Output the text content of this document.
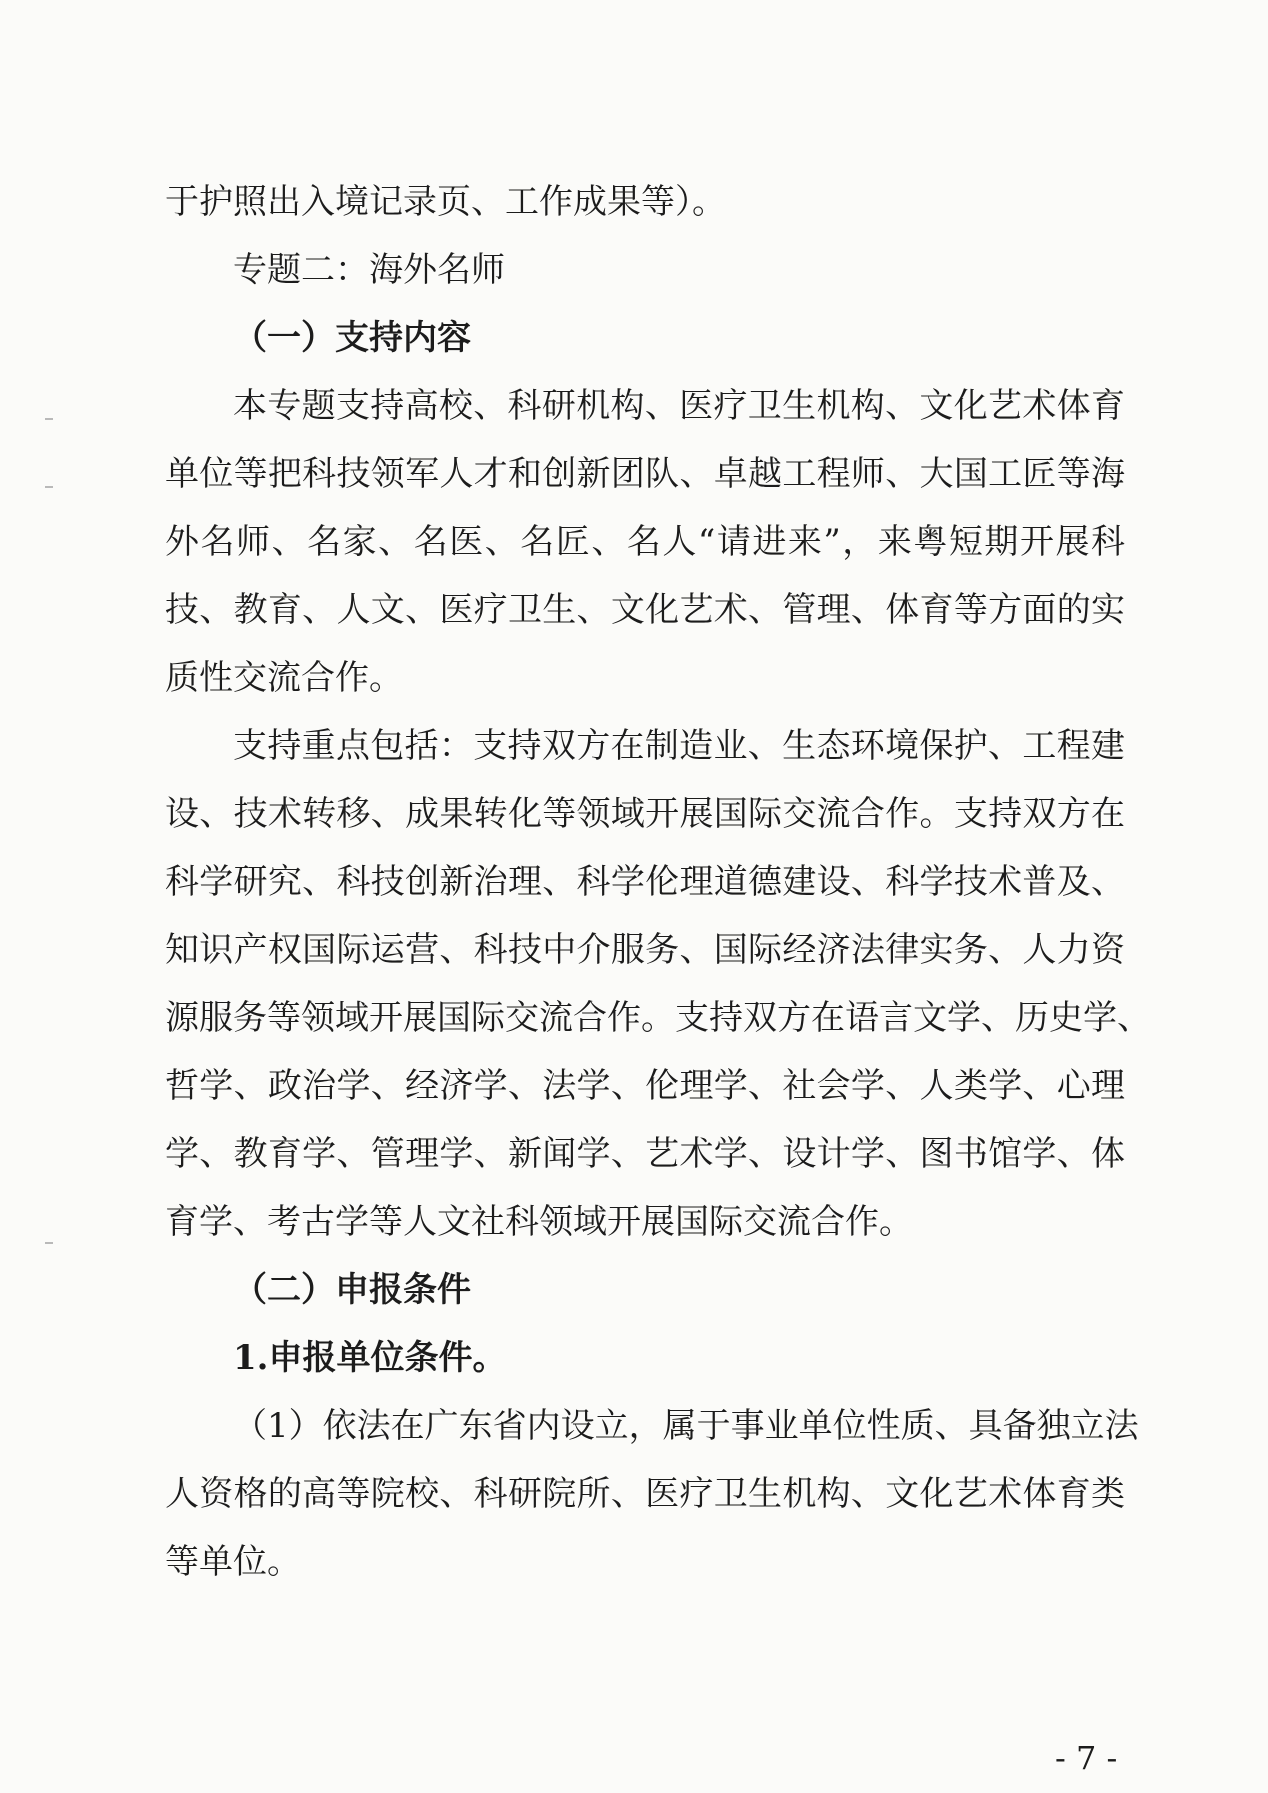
于护照出入境记录页、工作成果等）。
专题二：海外名师
（一）支持内容
本专题支持高校、科研机构、医疗卫生机构、文化艺术体育
单位等把科技领军人才和创新团队、卓越工程师、大国工匠等海
外名师、名家、名医、名匠、名人“请进来”，来粤短期开展科
技、教育、人文、医疗卫生、文化艺术、管理、体育等方面的实
质性交流合作。
支持重点包括：支持双方在制造业、生态环境保护、工程建
设、技术转移、成果转化等领域开展国际交流合作。支持双方在
科学研究、科技创新治理、科学伦理道德建设、科学技术普及、
知识产权国际运营、科技中介服务、国际经济法律实务、人力资
源服务等领域开展国际交流合作。支持双方在语言文学、历史学、
哲学、政治学、经济学、法学、伦理学、社会学、人类学、心理
学、教育学、管理学、新闻学、艺术学、设计学、图书馆学、体
育学、考古学等人文社科领域开展国际交流合作。
（二）申报条件
1.申报单位条件。
（1）依法在广东省内设立，属于事业单位性质、具备独立法
人资格的高等院校、科研院所、医疗卫生机构、文化艺术体育类
等单位。
- 7 -
